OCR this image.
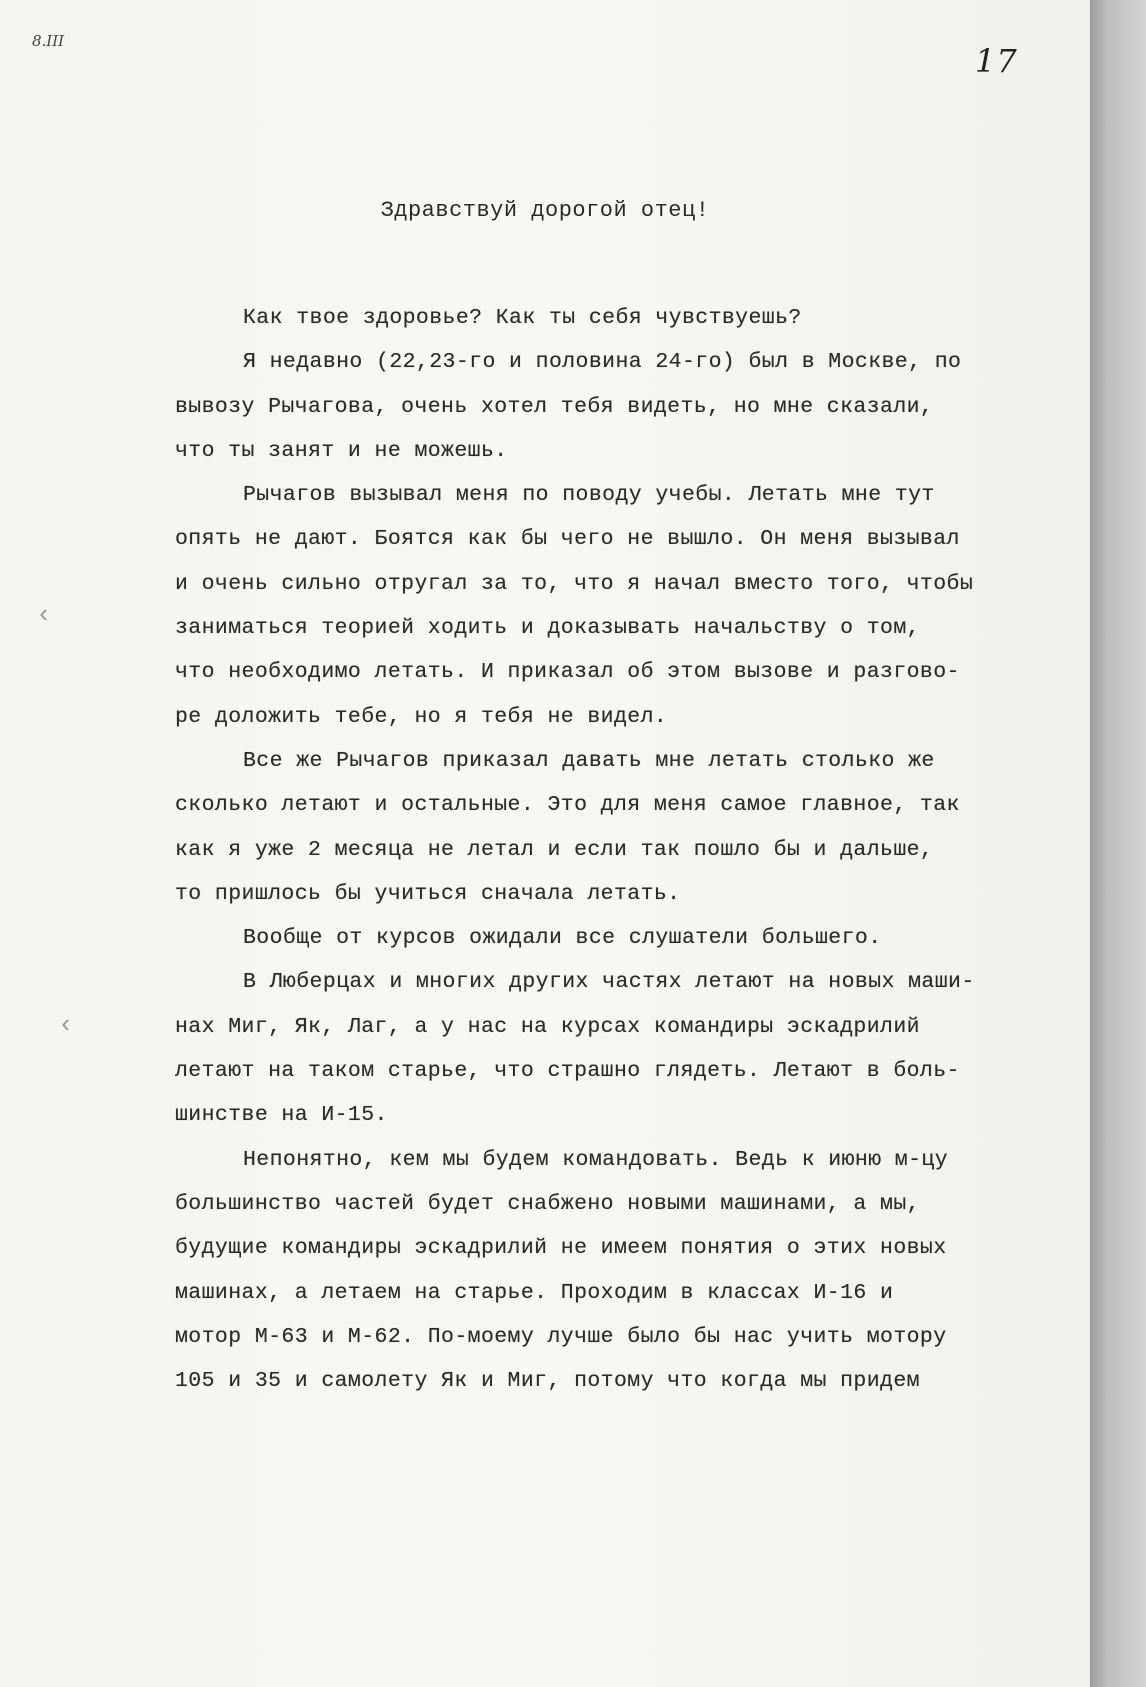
8.III
17
Здравствуй дорогой отец!
Как твое здоровье? Как ты себя чувствуешь?
Я недавно (22,23-го и половина 24-го) был в Москве, по
вывозу Рычагова, очень хотел тебя видеть, но мне сказали,
что ты занят и не можешь.
Рычагов вызывал меня по поводу учебы. Летать мне тут
опять не дают. Боятся как бы чего не вышло. Он меня вызывал
и очень сильно отругал за то, что я начал вместо того, чтобы
заниматься теорией ходить и доказывать начальству о том,
что необходимо летать. И приказал об этом вызове и разгово-
ре доложить тебе, но я тебя не видел.
Все же Рычагов приказал давать мне летать столько же
сколько летают и остальные. Это для меня самое главное, так
как я уже 2 месяца не летал и если так пошло бы и дальше,
то пришлось бы учиться сначала летать.
Вообще от курсов ожидали все слушатели большего.
В Люберцах и многих других частях летают на новых маши-
нах Миг, Як, Лаг, а у нас на курсах командиры эскадрилий
летают на таком старье, что страшно глядеть. Летают в боль-
шинстве на И-15.
Непонятно, кем мы будем командовать. Ведь к июню м-цу
большинство частей будет снабжено новыми машинами, а мы,
будущие командиры эскадрилий не имеем понятия о этих новых
машинах, а летаем на старье. Проходим в классах И-16 и
мотор М-63 и М-62. По-моему лучше было бы нас учить мотору
105 и 35 и самолету Як и Миг, потому что когда мы придем
‹
‹
